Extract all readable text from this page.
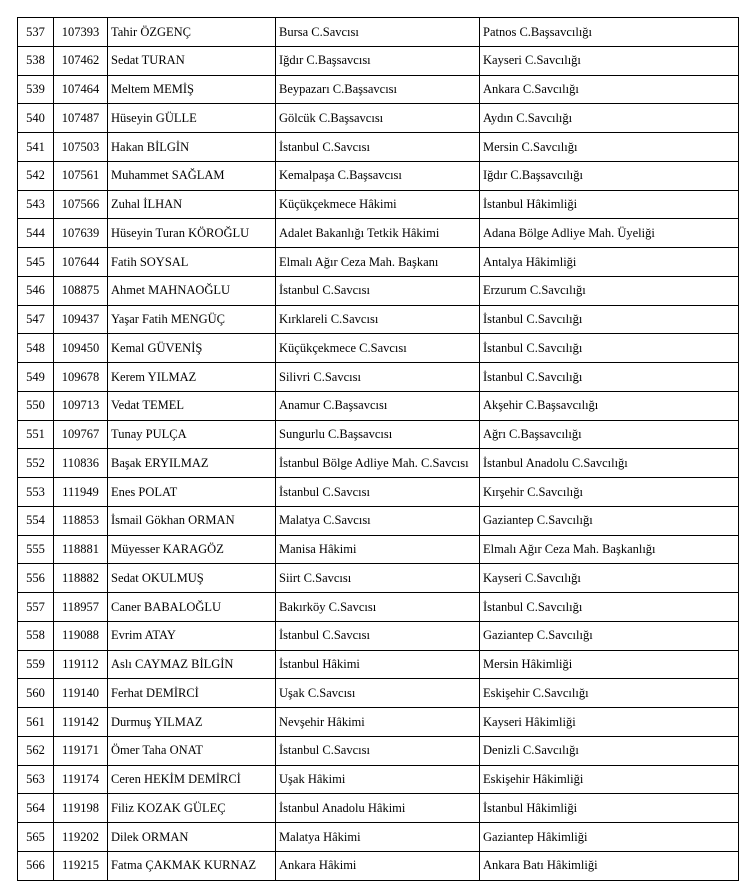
537	107393	Tahir ÖZGENÇ	Bursa C.Savcısı	Patnos C.Başsavcılığı
538	107462	Sedat TURAN	Iğdır C.Başsavcısı	Kayseri C.Savcılığı
539	107464	Meltem MEMİŞ	Beypazarı C.Başsavcısı	Ankara C.Savcılığı
540	107487	Hüseyin GÜLLE	Gölcük C.Başsavcısı	Aydın C.Savcılığı
541	107503	Hakan BİLGİN	İstanbul C.Savcısı	Mersin C.Savcılığı
542	107561	Muhammet SAĞLAM	Kemalpaşa C.Başsavcısı	Iğdır C.Başsavcılığı
543	107566	Zuhal İLHAN	Küçükçekmece Hâkimi	İstanbul Hâkimliği
544	107639	Hüseyin Turan KÖROĞLU	Adalet Bakanlığı Tetkik Hâkimi	Adana Bölge Adliye Mah. Üyeliği
545	107644	Fatih SOYSAL	Elmalı Ağır Ceza Mah. Başkanı	Antalya Hâkimliği
546	108875	Ahmet MAHNAOĞLU	İstanbul C.Savcısı	Erzurum C.Savcılığı
547	109437	Yaşar Fatih MENGÜÇ	Kırklareli C.Savcısı	İstanbul C.Savcılığı
548	109450	Kemal GÜVENİŞ	Küçükçekmece C.Savcısı	İstanbul C.Savcılığı
549	109678	Kerem YILMAZ	Silivri C.Savcısı	İstanbul C.Savcılığı
550	109713	Vedat TEMEL	Anamur C.Başsavcısı	Akşehir C.Başsavcılığı
551	109767	Tunay PULÇA	Sungurlu C.Başsavcısı	Ağrı C.Başsavcılığı
552	110836	Başak ERYILMAZ	İstanbul Bölge Adliye Mah. C.Savcısı	İstanbul Anadolu C.Savcılığı
553	111949	Enes POLAT	İstanbul C.Savcısı	Kırşehir C.Savcılığı
554	118853	İsmail Gökhan ORMAN	Malatya C.Savcısı	Gaziantep C.Savcılığı
555	118881	Müyesser KARAGÖZ	Manisa Hâkimi	Elmalı Ağır Ceza Mah. Başkanlığı
556	118882	Sedat OKULMUŞ	Siirt C.Savcısı	Kayseri C.Savcılığı
557	118957	Caner BABALOĞLU	Bakırköy C.Savcısı	İstanbul C.Savcılığı
558	119088	Evrim ATAY	İstanbul C.Savcısı	Gaziantep C.Savcılığı
559	119112	Aslı CAYMAZ BİLGİN	İstanbul Hâkimi	Mersin Hâkimliği
560	119140	Ferhat DEMİRCİ	Uşak C.Savcısı	Eskişehir C.Savcılığı
561	119142	Durmuş YILMAZ	Nevşehir Hâkimi	Kayseri Hâkimliği
562	119171	Ömer Taha ONAT	İstanbul C.Savcısı	Denizli C.Savcılığı
563	119174	Ceren HEKİM DEMİRCİ	Uşak Hâkimi	Eskişehir Hâkimliği
564	119198	Filiz KOZAK GÜLEÇ	İstanbul Anadolu Hâkimi	İstanbul Hâkimliği
565	119202	Dilek ORMAN	Malatya Hâkimi	Gaziantep Hâkimliği
566	119215	Fatma ÇAKMAK KURNAZ	Ankara Hâkimi	Ankara Batı Hâkimliği
